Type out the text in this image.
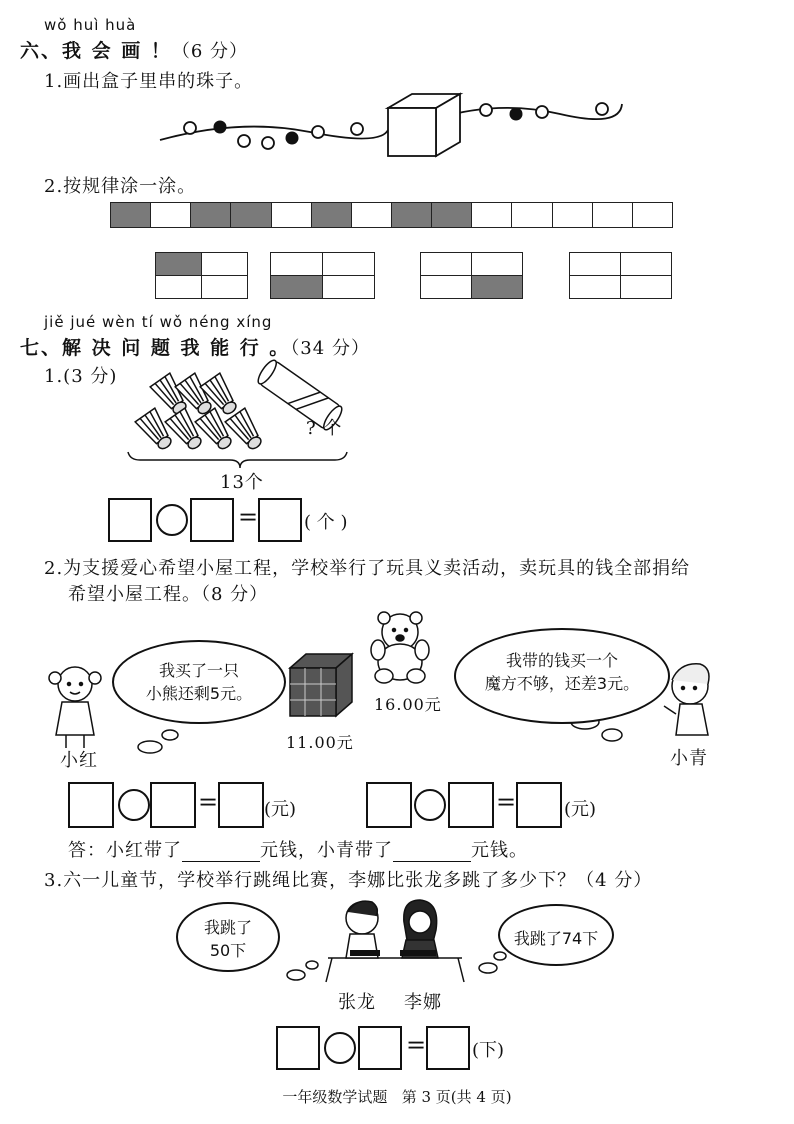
wǒ huì huà
六、我 会 画 ！（6 分）
1.画出盒子里串的珠子。
2.按规律涂一涂。
jiě jué wèn tí wǒ néng xíng
七、解 决 问 题 我 能 行 。（34 分）
1.(3 分)
? 个
13个
=	( 个 )
2.为支援爱心希望小屋工程，学校举行了玩具义卖活动，卖玩具的钱全部捐给
希望小屋工程。（8 分）
我买了一只
小熊还剩5元。
我带的钱买一个
魔方不够，还差3元。
11.00元
16.00元
小红	小青
=	(元)	=	(元)
答：小红带了	元钱，小青带了	元钱。
3.六一儿童节，学校举行跳绳比赛，李娜比张龙多跳了多少下？（4 分）
我跳了
50下
我跳了74下
张龙 李娜
=	(下)
一年级数学试题   第 3 页(共 4 页)
